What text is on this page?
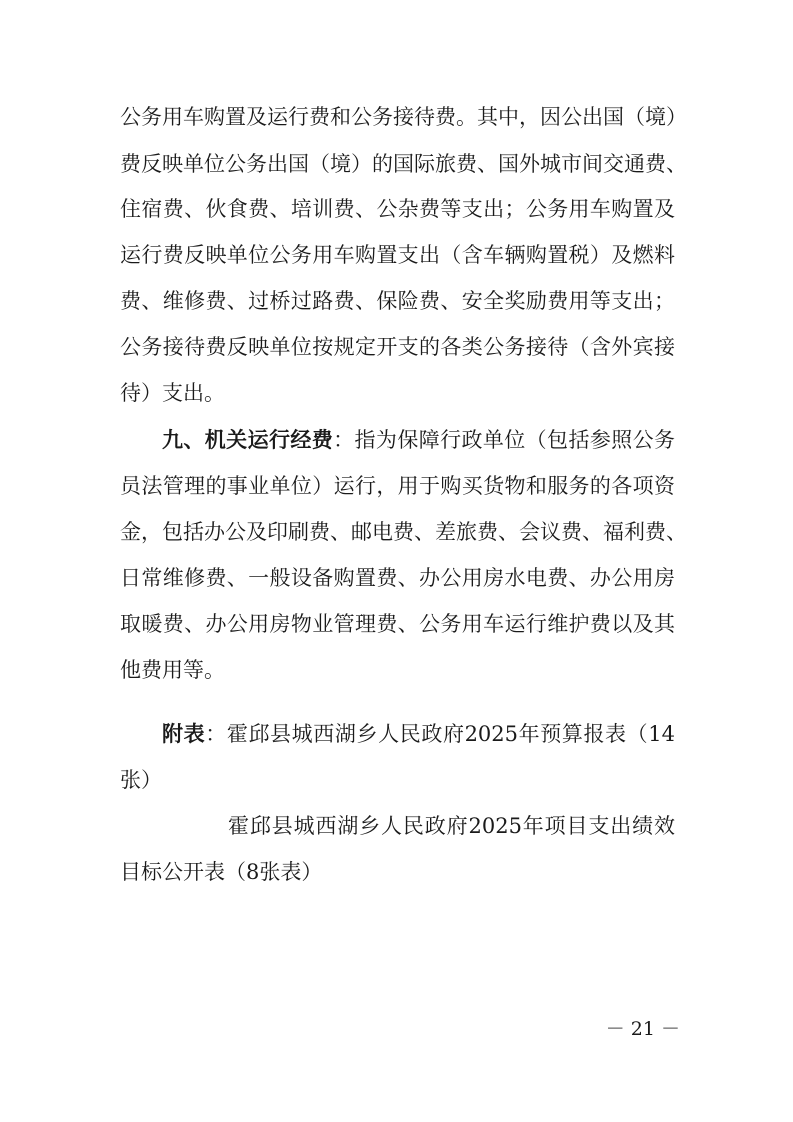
公务用车购置及运行费和公务接待费。其中，因公出国（境）
费反映单位公务出国（境）的国际旅费、国外城市间交通费、
住宿费、伙食费、培训费、公杂费等支出；公务用车购置及
运行费反映单位公务用车购置支出（含车辆购置税）及燃料
费、维修费、过桥过路费、保险费、安全奖励费用等支出；
公务接待费反映单位按规定开支的各类公务接待（含外宾接
待）支出。
九、机关运行经费：指为保障行政单位（包括参照公务
员法管理的事业单位）运行，用于购买货物和服务的各项资
金，包括办公及印刷费、邮电费、差旅费、会议费、福利费、
日常维修费、一般设备购置费、办公用房水电费、办公用房
取暖费、办公用房物业管理费、公务用车运行维护费以及其
他费用等。
附表：霍邱县城西湖乡人民政府2025年预算报表（14
张）
霍邱县城西湖乡人民政府2025年项目支出绩效
目标公开表（8张表）
－ 21 －
